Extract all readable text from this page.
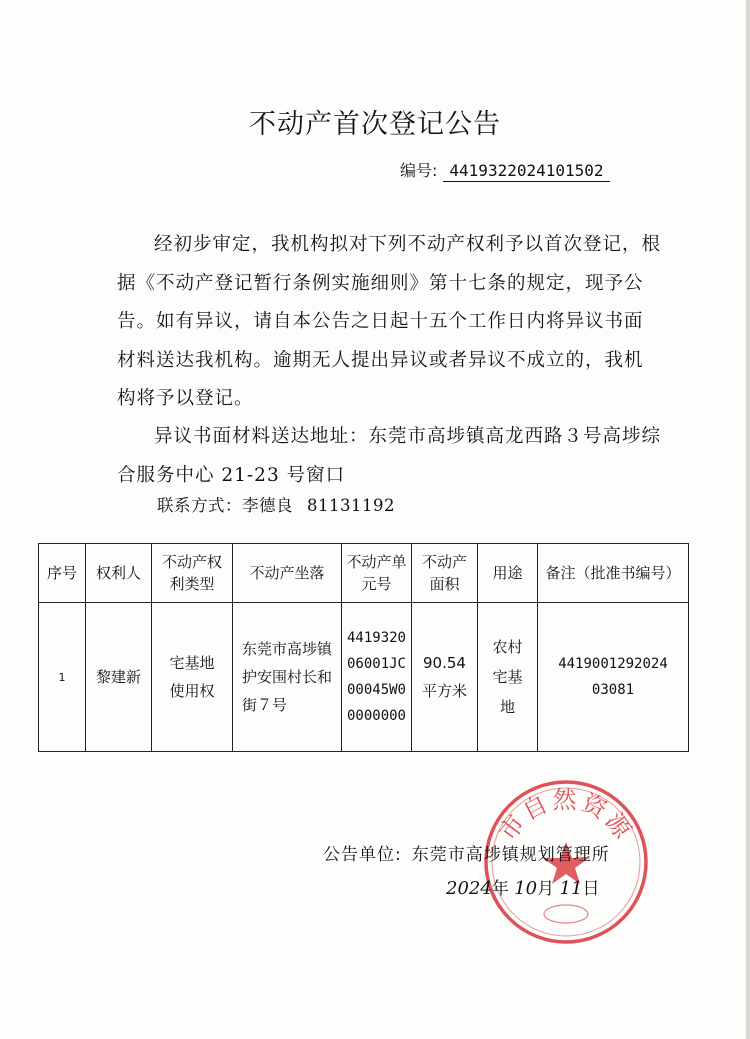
不动产首次登记公告
编号: 4419322024101502
经初步审定，我机构拟对下列不动产权利予以首次登记，根据《不动产登记暂行条例实施细则》第十七条的规定，现予公告。如有异议，请自本公告之日起十五个工作日内将异议书面材料送达我机构。逾期无人提出异议或者异议不成立的，我机构将予以登记。
异议书面材料送达地址：东莞市高埗镇高龙西路３号高埗综合服务中心 21-23 号窗口
联系方式：李德良 81131192
序号	权利人	不动产权利类型	不动产坐落	不动产单元号	不动产面积	用途	备注（批准书编号）
1	黎建新	宅基地使用权	东莞市高埗镇护安围村长和街７号	441932006001JC00045W00000000	90.54 平方米	农村宅基地	441900129202403081
市自然资源
公告单位: 东莞市高埗镇规划管理所
2024年 10月 11日
